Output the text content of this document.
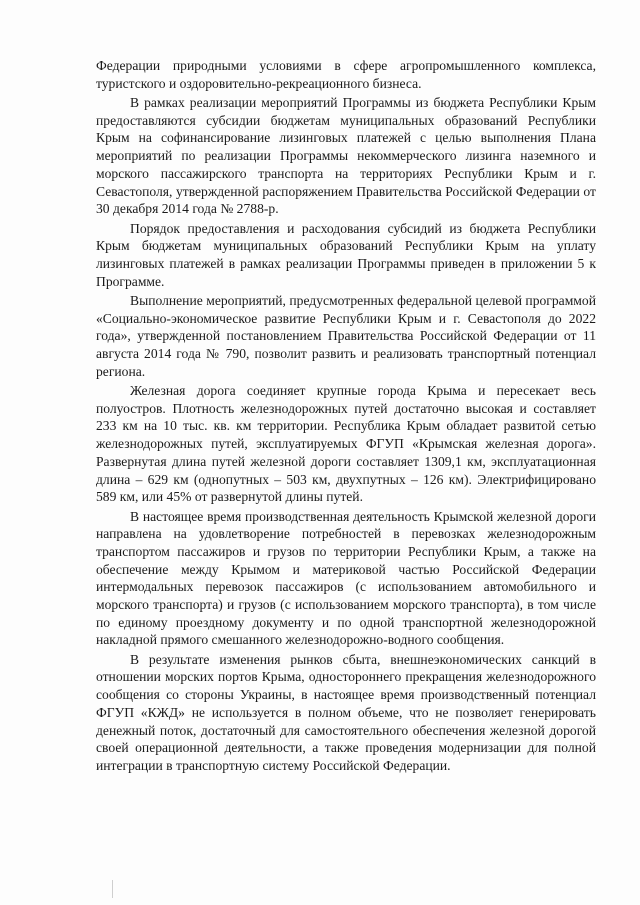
Федерации природными условиями в сфере агропромышленного комплекса, туристского и оздоровительно-рекреационного бизнеса.

В рамках реализации мероприятий Программы из бюджета Республики Крым предоставляются субсидии бюджетам муниципальных образований Республики Крым на софинансирование лизинговых платежей с целью выполнения Плана мероприятий по реализации Программы некоммерческого лизинга наземного и морского пассажирского транспорта на территориях Республики Крым и г. Севастополя, утвержденной распоряжением Правительства Российской Федерации от 30 декабря 2014 года № 2788-р.

Порядок предоставления и расходования субсидий из бюджета Республики Крым бюджетам муниципальных образований Республики Крым на уплату лизинговых платежей в рамках реализации Программы приведен в приложении 5 к Программе.

Выполнение мероприятий, предусмотренных федеральной целевой программой «Социально-экономическое развитие Республики Крым и г. Севастополя до 2022 года», утвержденной постановлением Правительства Российской Федерации от 11 августа 2014 года № 790, позволит развить и реализовать транспортный потенциал региона.

Железная дорога соединяет крупные города Крыма и пересекает весь полуостров. Плотность железнодорожных путей достаточно высокая и составляет 233 км на 10 тыс. кв. км территории. Республика Крым обладает развитой сетью железнодорожных путей, эксплуатируемых ФГУП «Крымская железная дорога». Развернутая длина путей железной дороги составляет 1309,1 км, эксплуатационная длина – 629 км (однопутных – 503 км, двухпутных – 126 км). Электрифицировано 589 км, или 45% от развернутой длины путей.

В настоящее время производственная деятельность Крымской железной дороги направлена на удовлетворение потребностей в перевозках железнодорожным транспортом пассажиров и грузов по территории Республики Крым, а также на обеспечение между Крымом и материковой частью Российской Федерации интермодальных перевозок пассажиров (с использованием автомобильного и морского транспорта) и грузов (с использованием морского транспорта), в том числе по единому проездному документу и по одной транспортной железнодорожной накладной прямого смешанного железнодорожно-водного сообщения.

В результате изменения рынков сбыта, внешнеэкономических санкций в отношении морских портов Крыма, одностороннего прекращения железнодорожного сообщения со стороны Украины, в настоящее время производственный потенциал ФГУП «КЖД» не используется в полном объеме, что не позволяет генерировать денежный поток, достаточный для самостоятельного обеспечения железной дорогой своей операционной деятельности, а также проведения модернизации для полной интеграции в транспортную систему Российской Федерации.
